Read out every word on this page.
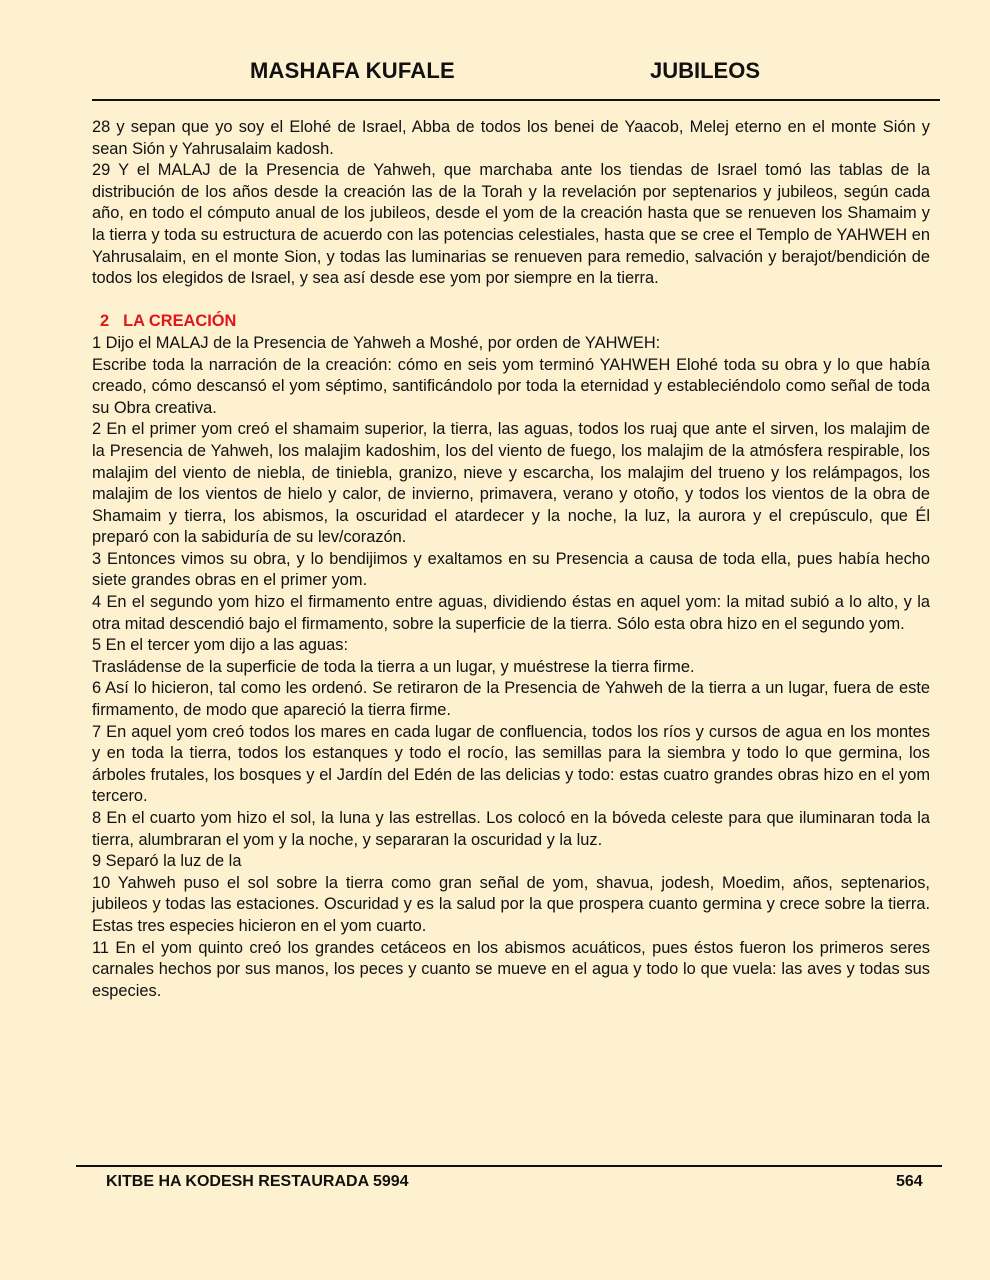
MASHAFA KUFALE	JUBILEOS

28 y sepan que yo soy el Elohé de Israel, Abba de todos los benei de Yaacob, Melej eterno en el monte Sión y sean Sión y Yahrusalaim kadosh.

29 Y el MALAJ de la Presencia de Yahweh, que marchaba ante los tiendas de Israel tomó las tablas de la distribución de los años desde la creación las de la Torah y la revelación por septenarios y jubileos, según cada año, en todo el cómputo anual de los jubileos, desde el yom de la creación hasta que se renueven los Shamaim y la tierra y toda su estructura de acuerdo con las potencias celestiales, hasta que se cree el Templo de YAHWEH en Yahrusalaim, en el monte Sion, y todas las luminarias se renueven para remedio, salvación y berajot/bendición de todos los elegidos de Israel, y sea así desde ese yom por siempre en la tierra.

2 LA CREACIÓN

1 Dijo el MALAJ de la Presencia de Yahweh a Moshé, por orden de YAHWEH:

Escribe toda la narración de la creación: cómo en seis yom terminó YAHWEH Elohé toda su obra y lo que había creado, cómo descansó el yom séptimo, santificándolo por toda la eternidad y estableciéndolo como señal de toda su Obra creativa.

2 En el primer yom creó el shamaim superior, la tierra, las aguas, todos los ruaj que ante el sirven, los malajim de la Presencia de Yahweh, los malajim kadoshim, los del viento de fuego, los malajim de la atmósfera respirable, los malajim del viento de niebla, de tiniebla, granizo, nieve y escarcha, los malajim del trueno y los relámpagos, los malajim de los vientos de hielo y calor, de invierno, primavera, verano y otoño, y todos los vientos de la obra de Shamaim y tierra, los abismos, la oscuridad el atardecer y la noche, la luz, la aurora y el crepúsculo, que Él preparó con la sabiduría de su lev/corazón.

3 Entonces vimos su obra, y lo bendijimos y exaltamos en su Presencia a causa de toda ella, pues había hecho siete grandes obras en el primer yom.

4 En el segundo yom hizo el firmamento entre aguas, dividiendo éstas en aquel yom: la mitad subió a lo alto, y la otra mitad descendió bajo el firmamento, sobre la superficie de la tierra. Sólo esta obra hizo en el segundo yom.

5 En el tercer yom dijo a las aguas:

Trasládense de la superficie de toda la tierra a un lugar, y muéstrese la tierra firme.

6 Así lo hicieron, tal como les ordenó. Se retiraron de la Presencia de Yahweh de la tierra a un lugar, fuera de este firmamento, de modo que apareció la tierra firme.

7 En aquel yom creó todos los mares en cada lugar de confluencia, todos los ríos y cursos de agua en los montes y en toda la tierra, todos los estanques y todo el rocío, las semillas para la siembra y todo lo que germina, los árboles frutales, los bosques y el Jardín del Edén de las delicias y todo: estas cuatro grandes obras hizo en el yom tercero.

8 En el cuarto yom hizo el sol, la luna y las estrellas. Los colocó en la bóveda celeste para que iluminaran toda la tierra, alumbraran el yom y la noche, y separaran la oscuridad y la luz.

9 Separó la luz de la

10 Yahweh puso el sol sobre la tierra como gran señal de yom, shavua, jodesh, Moedim, años, septenarios, jubileos y todas las estaciones. Oscuridad y es la salud por la que prospera cuanto germina y crece sobre la tierra. Estas tres especies hicieron en el yom cuarto.

11 En el yom quinto creó los grandes cetáceos en los abismos acuáticos, pues éstos fueron los primeros seres carnales hechos por sus manos, los peces y cuanto se mueve en el agua y todo lo que vuela: las aves y todas sus especies.

KITBE HA KODESH RESTAURADA 5994	564
